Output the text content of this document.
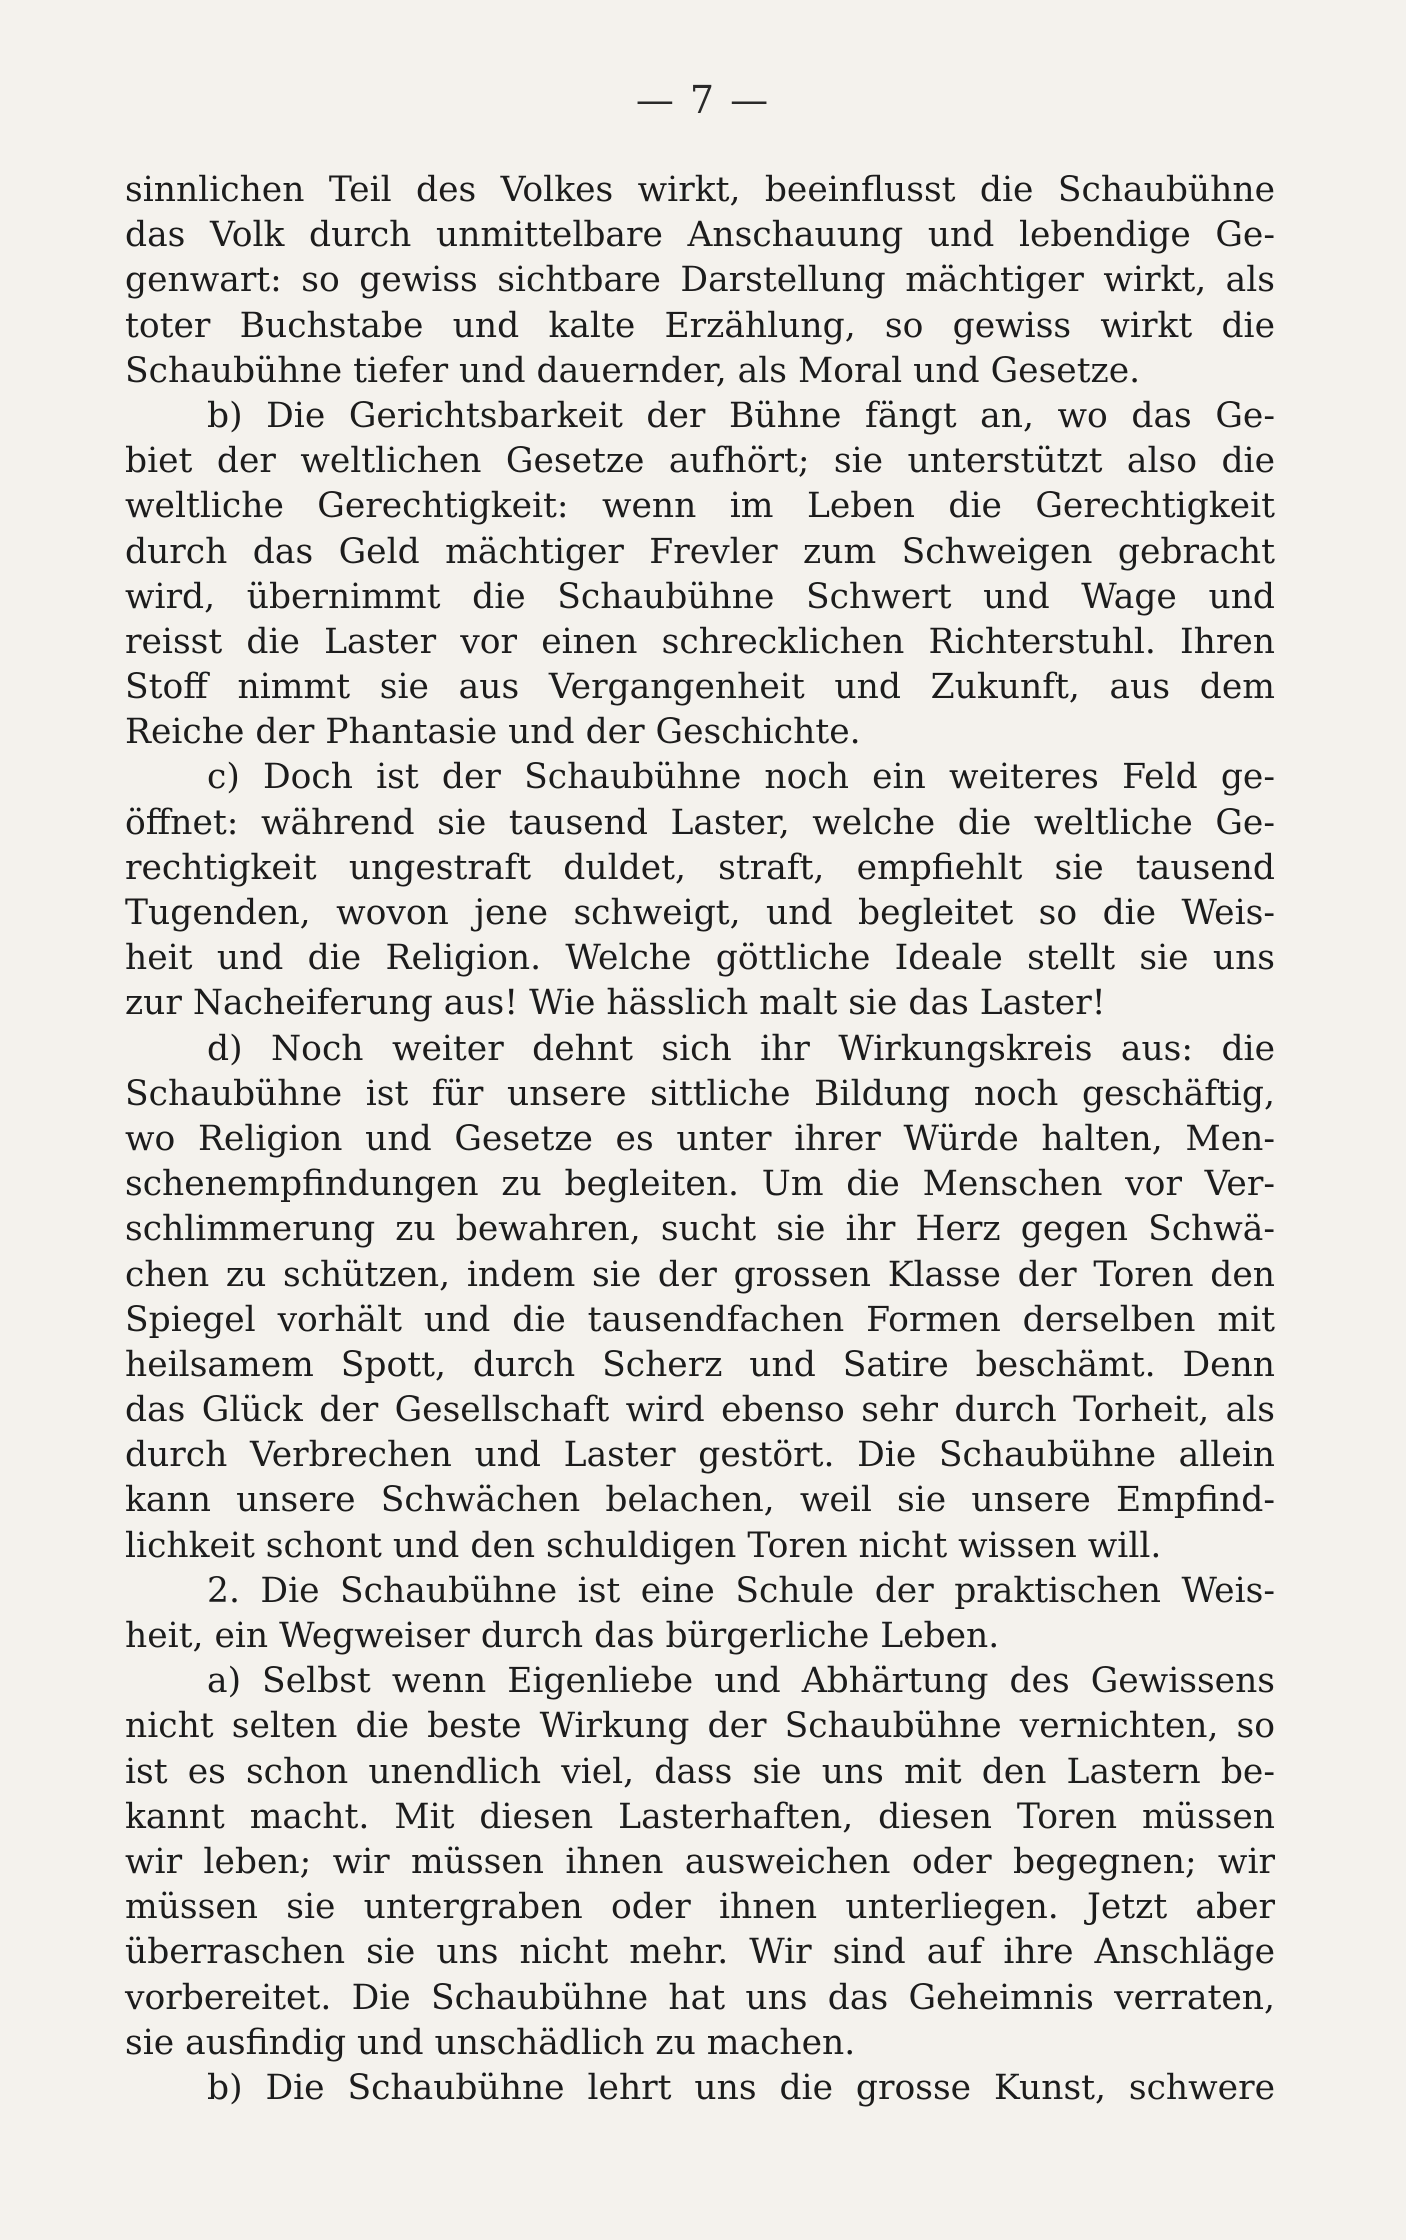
— 7 —
sinnlichen Teil des Volkes wirkt, beeinflusst die Schaubühne
das Volk durch unmittelbare Anschauung und lebendige Ge-
genwart: so gewiss sichtbare Darstellung mächtiger wirkt, als
toter Buchstabe und kalte Erzählung, so gewiss wirkt die
Schaubühne tiefer und dauernder, als Moral und Gesetze.
b) Die Gerichtsbarkeit der Bühne fängt an, wo das Ge-
biet der weltlichen Gesetze aufhört; sie unterstützt also die
weltliche Gerechtigkeit: wenn im Leben die Gerechtigkeit
durch das Geld mächtiger Frevler zum Schweigen gebracht
wird, übernimmt die Schaubühne Schwert und Wage und
reisst die Laster vor einen schrecklichen Richterstuhl. Ihren
Stoff nimmt sie aus Vergangenheit und Zukunft, aus dem
Reiche der Phantasie und der Geschichte.
c) Doch ist der Schaubühne noch ein weiteres Feld ge-
öffnet: während sie tausend Laster, welche die weltliche Ge-
rechtigkeit ungestraft duldet, straft, empfiehlt sie tausend
Tugenden, wovon jene schweigt, und begleitet so die Weis-
heit und die Religion. Welche göttliche Ideale stellt sie uns
zur Nacheiferung aus! Wie hässlich malt sie das Laster!
d) Noch weiter dehnt sich ihr Wirkungskreis aus: die
Schaubühne ist für unsere sittliche Bildung noch geschäftig,
wo Religion und Gesetze es unter ihrer Würde halten, Men-
schenempfindungen zu begleiten. Um die Menschen vor Ver-
schlimmerung zu bewahren, sucht sie ihr Herz gegen Schwä-
chen zu schützen, indem sie der grossen Klasse der Toren den
Spiegel vorhält und die tausendfachen Formen derselben mit
heilsamem Spott, durch Scherz und Satire beschämt. Denn
das Glück der Gesellschaft wird ebenso sehr durch Torheit, als
durch Verbrechen und Laster gestört. Die Schaubühne allein
kann unsere Schwächen belachen, weil sie unsere Empfind-
lichkeit schont und den schuldigen Toren nicht wissen will.
2. Die Schaubühne ist eine Schule der praktischen Weis-
heit, ein Wegweiser durch das bürgerliche Leben.
a) Selbst wenn Eigenliebe und Abhärtung des Gewissens
nicht selten die beste Wirkung der Schaubühne vernichten, so
ist es schon unendlich viel, dass sie uns mit den Lastern be-
kannt macht. Mit diesen Lasterhaften, diesen Toren müssen
wir leben; wir müssen ihnen ausweichen oder begegnen; wir
müssen sie untergraben oder ihnen unterliegen. Jetzt aber
überraschen sie uns nicht mehr. Wir sind auf ihre Anschläge
vorbereitet. Die Schaubühne hat uns das Geheimnis verraten,
sie ausfindig und unschädlich zu machen.
b) Die Schaubühne lehrt uns die grosse Kunst, schwere
